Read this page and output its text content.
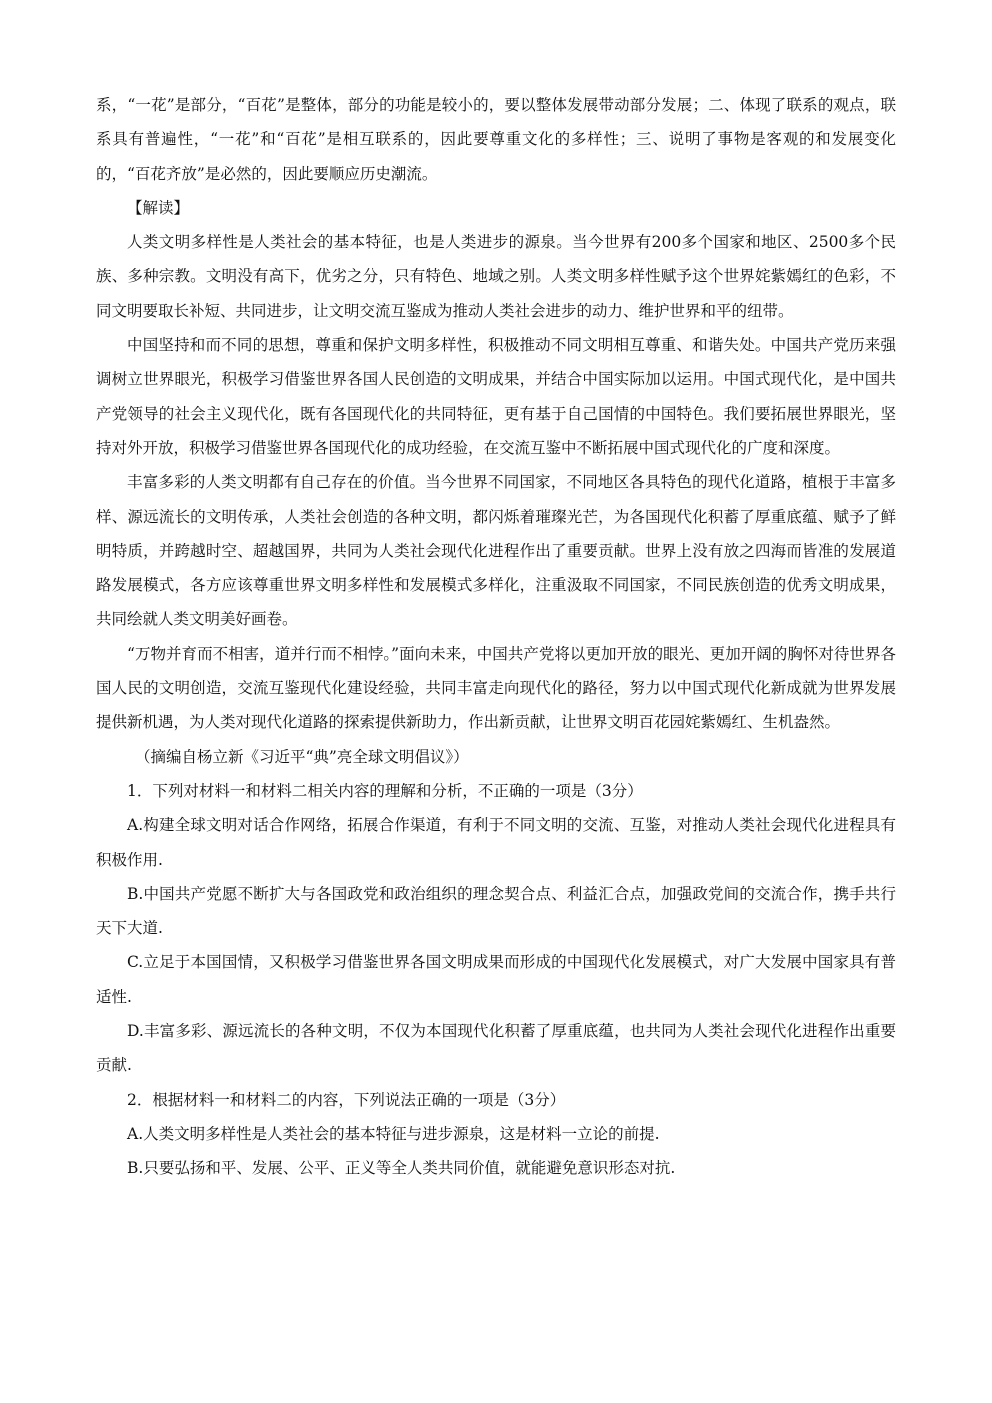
系，“一花”是部分，“百花”是整体，部分的功能是较小的，要以整体发展带动部分发展；二、体现了联系的观点，联系具有普遍性，“一花”和“百花”是相互联系的，因此要尊重文化的多样性；三、说明了事物是客观的和发展变化的，“百花齐放”是必然的，因此要顺应历史潮流。

【解读】

人类文明多样性是人类社会的基本特征，也是人类进步的源泉。当今世界有200多个国家和地区、2500多个民族、多种宗教。文明没有高下，优劣之分，只有特色、地域之别。人类文明多样性赋予这个世界姹紫嫣红的色彩，不同文明要取长补短、共同进步，让文明交流互鉴成为推动人类社会进步的动力、维护世界和平的纽带。

中国坚持和而不同的思想，尊重和保护文明多样性，积极推动不同文明相互尊重、和谐失处。中国共产党历来强调树立世界眼光，积极学习借鉴世界各国人民创造的文明成果，并结合中国实际加以运用。中国式现代化，是中国共产党领导的社会主义现代化，既有各国现代化的共同特征，更有基于自己国情的中国特色。我们要拓展世界眼光，坚持对外开放，积极学习借鉴世界各国现代化的成功经验，在交流互鉴中不断拓展中国式现代化的广度和深度。

丰富多彩的人类文明都有自己存在的价值。当今世界不同国家，不同地区各具特色的现代化道路，植根于丰富多样、源远流长的文明传承，人类社会创造的各种文明，都闪烁着璀璨光芒，为各国现代化积蓄了厚重底蕴、赋予了鲜明特质，并跨越时空、超越国界，共同为人类社会现代化进程作出了重要贡献。世界上没有放之四海而皆准的发展道路发展模式，各方应该尊重世界文明多样性和发展模式多样化，注重汲取不同国家，不同民族创造的优秀文明成果，共同绘就人类文明美好画卷。

“万物并育而不相害，道并行而不相悖。”面向未来，中国共产党将以更加开放的眼光、更加开阔的胸怀对待世界各国人民的文明创造，交流互鉴现代化建设经验，共同丰富走向现代化的路径，努力以中国式现代化新成就为世界发展提供新机遇，为人类对现代化道路的探索提供新助力，作出新贡献，让世界文明百花园姹紫嫣红、生机盎然。

（摘编自杨立新《习近平“典”亮全球文明倡议》）

1．下列对材料一和材料二相关内容的理解和分析，不正确的一项是（3分）

A.构建全球文明对话合作网络，拓展合作渠道，有利于不同文明的交流、互鉴，对推动人类社会现代化进程具有积极作用.

B.中国共产党愿不断扩大与各国政党和政治组织的理念契合点、利益汇合点，加强政党间的交流合作，携手共行天下大道.

C.立足于本国国情，又积极学习借鉴世界各国文明成果而形成的中国现代化发展模式，对广大发展中国家具有普适性.

D.丰富多彩、源远流长的各种文明，不仅为本国现代化积蓄了厚重底蕴，也共同为人类社会现代化进程作出重要贡献.

2．根据材料一和材料二的内容，下列说法正确的一项是（3分）

A.人类文明多样性是人类社会的基本特征与进步源泉，这是材料一立论的前提.

B.只要弘扬和平、发展、公平、正义等全人类共同价值，就能避免意识形态对抗.
